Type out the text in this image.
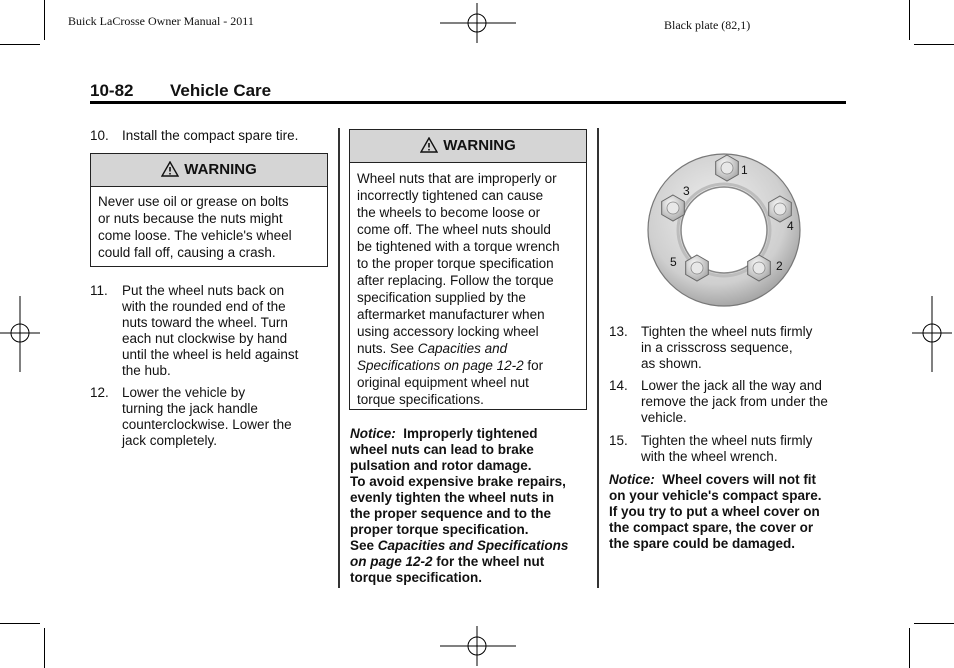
Buick LaCrosse Owner Manual - 2011	Black plate (82,1)
10-82 Vehicle Care
10. Install the compact spare tire.
WARNING
Never use oil or grease on bolts
or nuts because the nuts might
come loose. The vehicle's wheel
could fall off, causing a crash.
11. Put the wheel nuts back on
with the rounded end of the
nuts toward the wheel. Turn
each nut clockwise by hand
until the wheel is held against
the hub.
12. Lower the vehicle by
turning the jack handle
counterclockwise. Lower the
jack completely.
WARNING
Wheel nuts that are improperly or
incorrectly tightened can cause
the wheels to become loose or
come off. The wheel nuts should
be tightened with a torque wrench
to the proper torque specification
after replacing. Follow the torque
specification supplied by the
aftermarket manufacturer when
using accessory locking wheel
nuts. See Capacities and
Specifications on page 12-2 for
original equipment wheel nut
torque specifications.
Notice: Improperly tightened
wheel nuts can lead to brake
pulsation and rotor damage.
To avoid expensive brake repairs,
evenly tighten the wheel nuts in
the proper sequence and to the
proper torque specification.
See Capacities and Specifications
on page 12-2 for the wheel nut
torque specification.
1
2
3
4
5
13. Tighten the wheel nuts firmly
in a crisscross sequence,
as shown.
14. Lower the jack all the way and
remove the jack from under the
vehicle.
15. Tighten the wheel nuts firmly
with the wheel wrench.
Notice: Wheel covers will not fit
on your vehicle's compact spare.
If you try to put a wheel cover on
the compact spare, the cover or
the spare could be damaged.
